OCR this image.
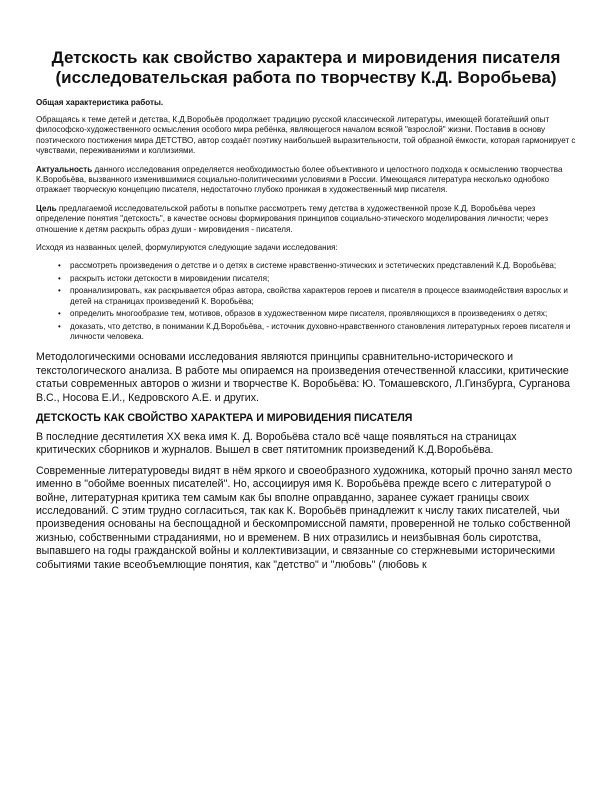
Детскость как свойство характера и мировидения писателя (исследовательская работа по творчеству К.Д. Воробьева)

Общая характеристика работы.

Обращаясь к теме детей и детства, К.Д.Воробьёв продолжает традицию русской классической литературы, имеющей богатейший опыт философско-художественного осмысления особого мира ребёнка, являющегося началом всякой "взрослой" жизни. Поставив в основу поэтического постижения мира ДЕТСТВО, автор создаёт поэтику наибольшей выразительности, той образной ёмкости, которая гармонирует с чувствами, переживаниями и коллизиями.

Актуальность данного исследования определяется необходимостью более объективного и целостного подхода к осмыслению творчества К.Воробьёва, вызванного изменившимися социально-политическими условиями в России. Имеющаяся литература несколько однобоко отражает творческую концепцию писателя, недостаточно глубоко проникая в художественный мир писателя.

Цель предлагаемой исследовательской работы в попытке рассмотреть тему детства в художественной прозе К.Д. Воробьёва через определение понятия "детскость", в качестве основы формирования принципов социально-этического моделирования личности; через отношение к детям раскрыть образ души - мировидения - писателя.

Исходя из названных целей, формулируются следующие задачи исследования:

• рассмотреть произведения о детстве и о детях в системе нравственно-этических и эстетических представлений К.Д. Воробьёва;
• раскрыть истоки детскости в мировидении писателя;
• проанализировать, как раскрывается образ автора, свойства характеров героев и писателя в процессе взаимодействия взрослых и детей на страницах произведений К. Воробьёва;
• определить многообразие тем, мотивов, образов в художественном мире писателя, проявляющихся в произведениях о детях;
• доказать, что детство, в понимании К.Д.Воробьёва, - источник духовно-нравственного становления литературных героев писателя и личности человека.

Методологическими основами исследования являются принципы сравнительно-исторического и текстологического анализа. В работе мы опираемся на произведения отечественной классики, критические статьи современных авторов о жизни и творчестве К. Воробьёва: Ю. Томашевского, Л.Гинзбурга, Сурганова В.С., Носова Е.И., Кедровского А.Е. и других.

ДЕТСКОСТЬ КАК СВОЙСТВО ХАРАКТЕРА И МИРОВИДЕНИЯ ПИСАТЕЛЯ

В последние десятилетия XX века имя К. Д. Воробьёва стало всё чаще появляться на страницах критических сборников и журналов. Вышел в свет пятитомник произведений К.Д.Воробьёва.

Современные литературоведы видят в нём яркого и своеобразного художника, который прочно занял место именно в "обойме военных писателей". Но, ассоциируя имя К. Воробьёва прежде всего с литературой о войне, литературная критика тем самым как бы вполне оправданно, заранее сужает границы своих исследований. С этим трудно согласиться, так как К. Воробьёв принадлежит к числу таких писателей, чьи произведения основаны на беспощадной и бескомпромиссной памяти, проверенной не только собственной жизнью, собственными страданиями, но и временем. В них отразились и неизбывная боль сиротства, выпавшего на годы гражданской войны и коллективизации, и связанные со стержневыми историческими событиями такие всеобъемлющие понятия, как "детство" и "любовь" (любовь к
